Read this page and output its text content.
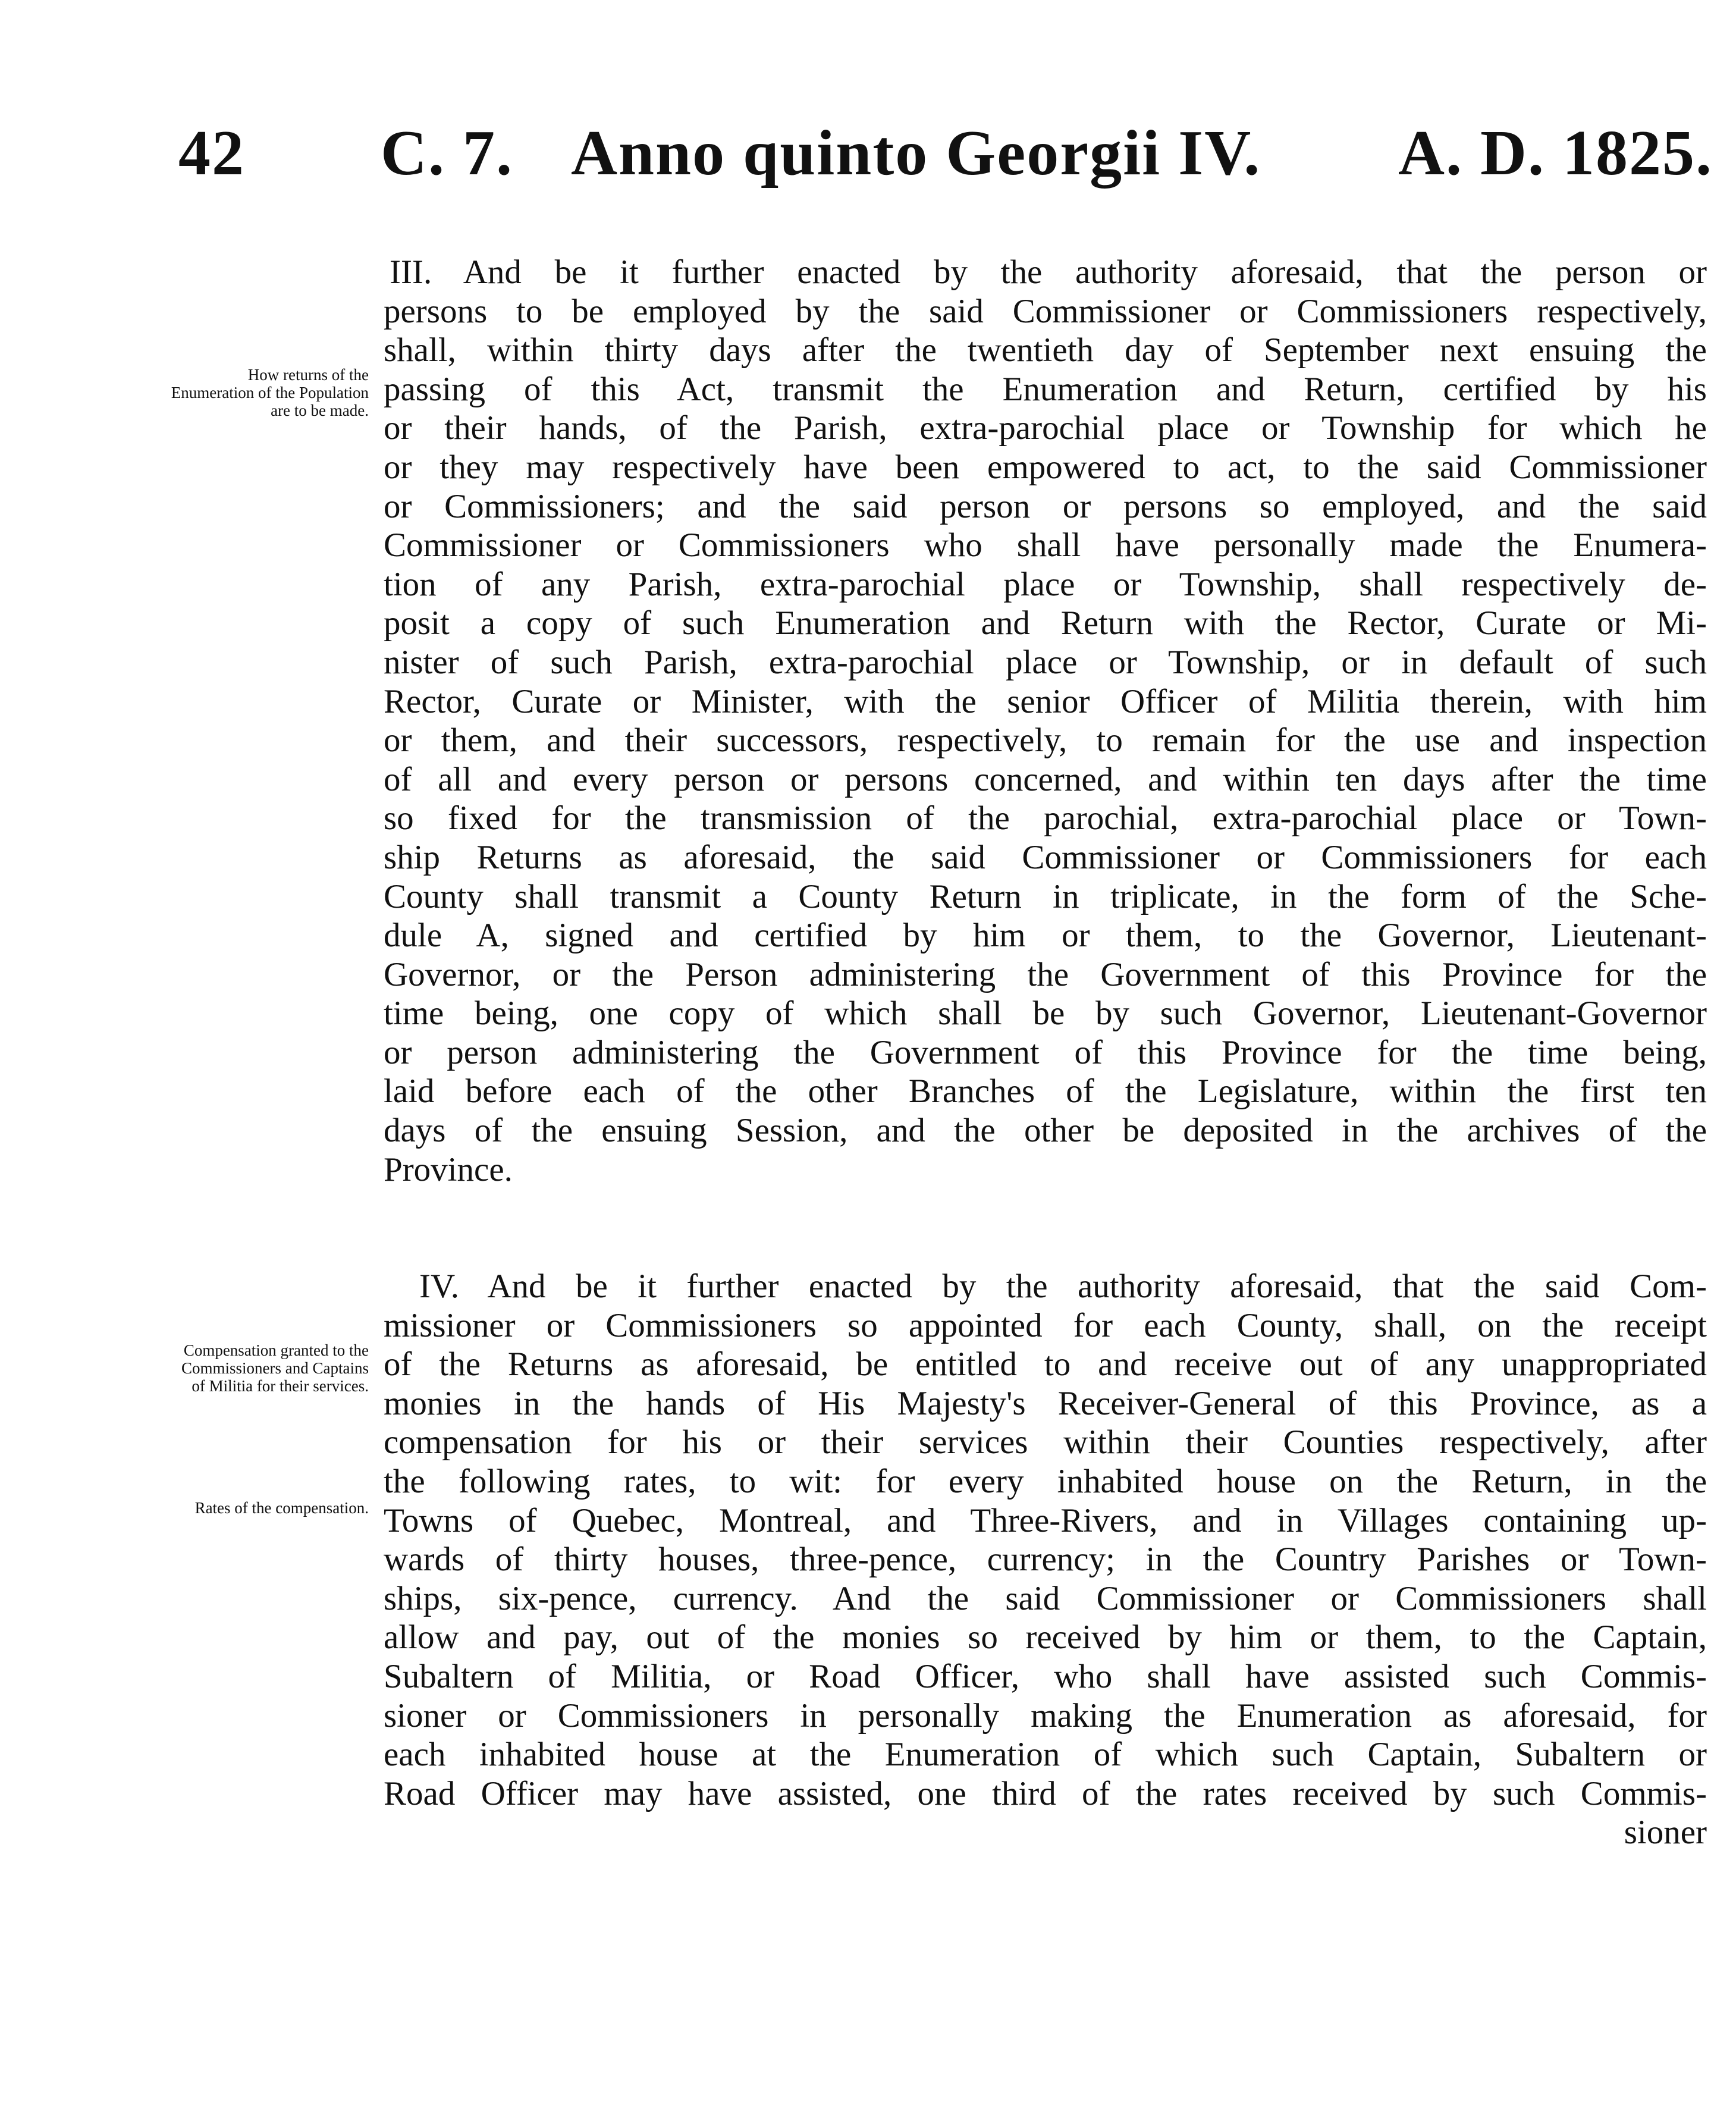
42 C. 7. Anno quinto Georgii IV. A. D. 1825.
How returns of the Enumeration of the Population are to be made.
Compensation granted to the Commissioners and Captains of Militia for their services.
Rates of the compensation.
III. And be it further enacted by the authority aforesaid, that the person or
persons to be employed by the said Commissioner or Commissioners respectively,
shall, within thirty days after the twentieth day of September next ensuing the
passing of this Act, transmit the Enumeration and Return, certified by his
or their hands, of the Parish, extra-parochial place or Township for which he
or they may respectively have been empowered to act, to the said Commissioner
or Commissioners; and the said person or persons so employed, and the said
Commissioner or Commissioners who shall have personally made the Enumera-
tion of any Parish, extra-parochial place or Township, shall respectively de-
posit a copy of such Enumeration and Return with the Rector, Curate or Mi-
nister of such Parish, extra-parochial place or Township, or in default of such
Rector, Curate or Minister, with the senior Officer of Militia therein, with him
or them, and their successors, respectively, to remain for the use and inspection
of all and every person or persons concerned, and within ten days after the time
so fixed for the transmission of the parochial, extra-parochial place or Town-
ship Returns as aforesaid, the said Commissioner or Commissioners for each
County shall transmit a County Return in triplicate, in the form of the Sche-
dule A, signed and certified by him or them, to the Governor, Lieutenant-
Governor, or the Person administering the Government of this Province for the
time being, one copy of which shall be by such Governor, Lieutenant-Governor
or person administering the Government of this Province for the time being,
laid before each of the other Branches of the Legislature, within the first ten
days of the ensuing Session, and the other be deposited in the archives of the
Province.
IV. And be it further enacted by the authority aforesaid, that the said Com-
missioner or Commissioners so appointed for each County, shall, on the receipt
of the Returns as aforesaid, be entitled to and receive out of any unappropriated
monies in the hands of His Majesty's Receiver-General of this Province, as a
compensation for his or their services within their Counties respectively, after
the following rates, to wit: for every inhabited house on the Return, in the
Towns of Quebec, Montreal, and Three-Rivers, and in Villages containing up-
wards of thirty houses, three-pence, currency; in the Country Parishes or Town-
ships, six-pence, currency. And the said Commissioner or Commissioners shall
allow and pay, out of the monies so received by him or them, to the Captain,
Subaltern of Militia, or Road Officer, who shall have assisted such Commis-
sioner or Commissioners in personally making the Enumeration as aforesaid, for
each inhabited house at the Enumeration of which such Captain, Subaltern or
Road Officer may have assisted, one third of the rates received by such Commis-
sioner
